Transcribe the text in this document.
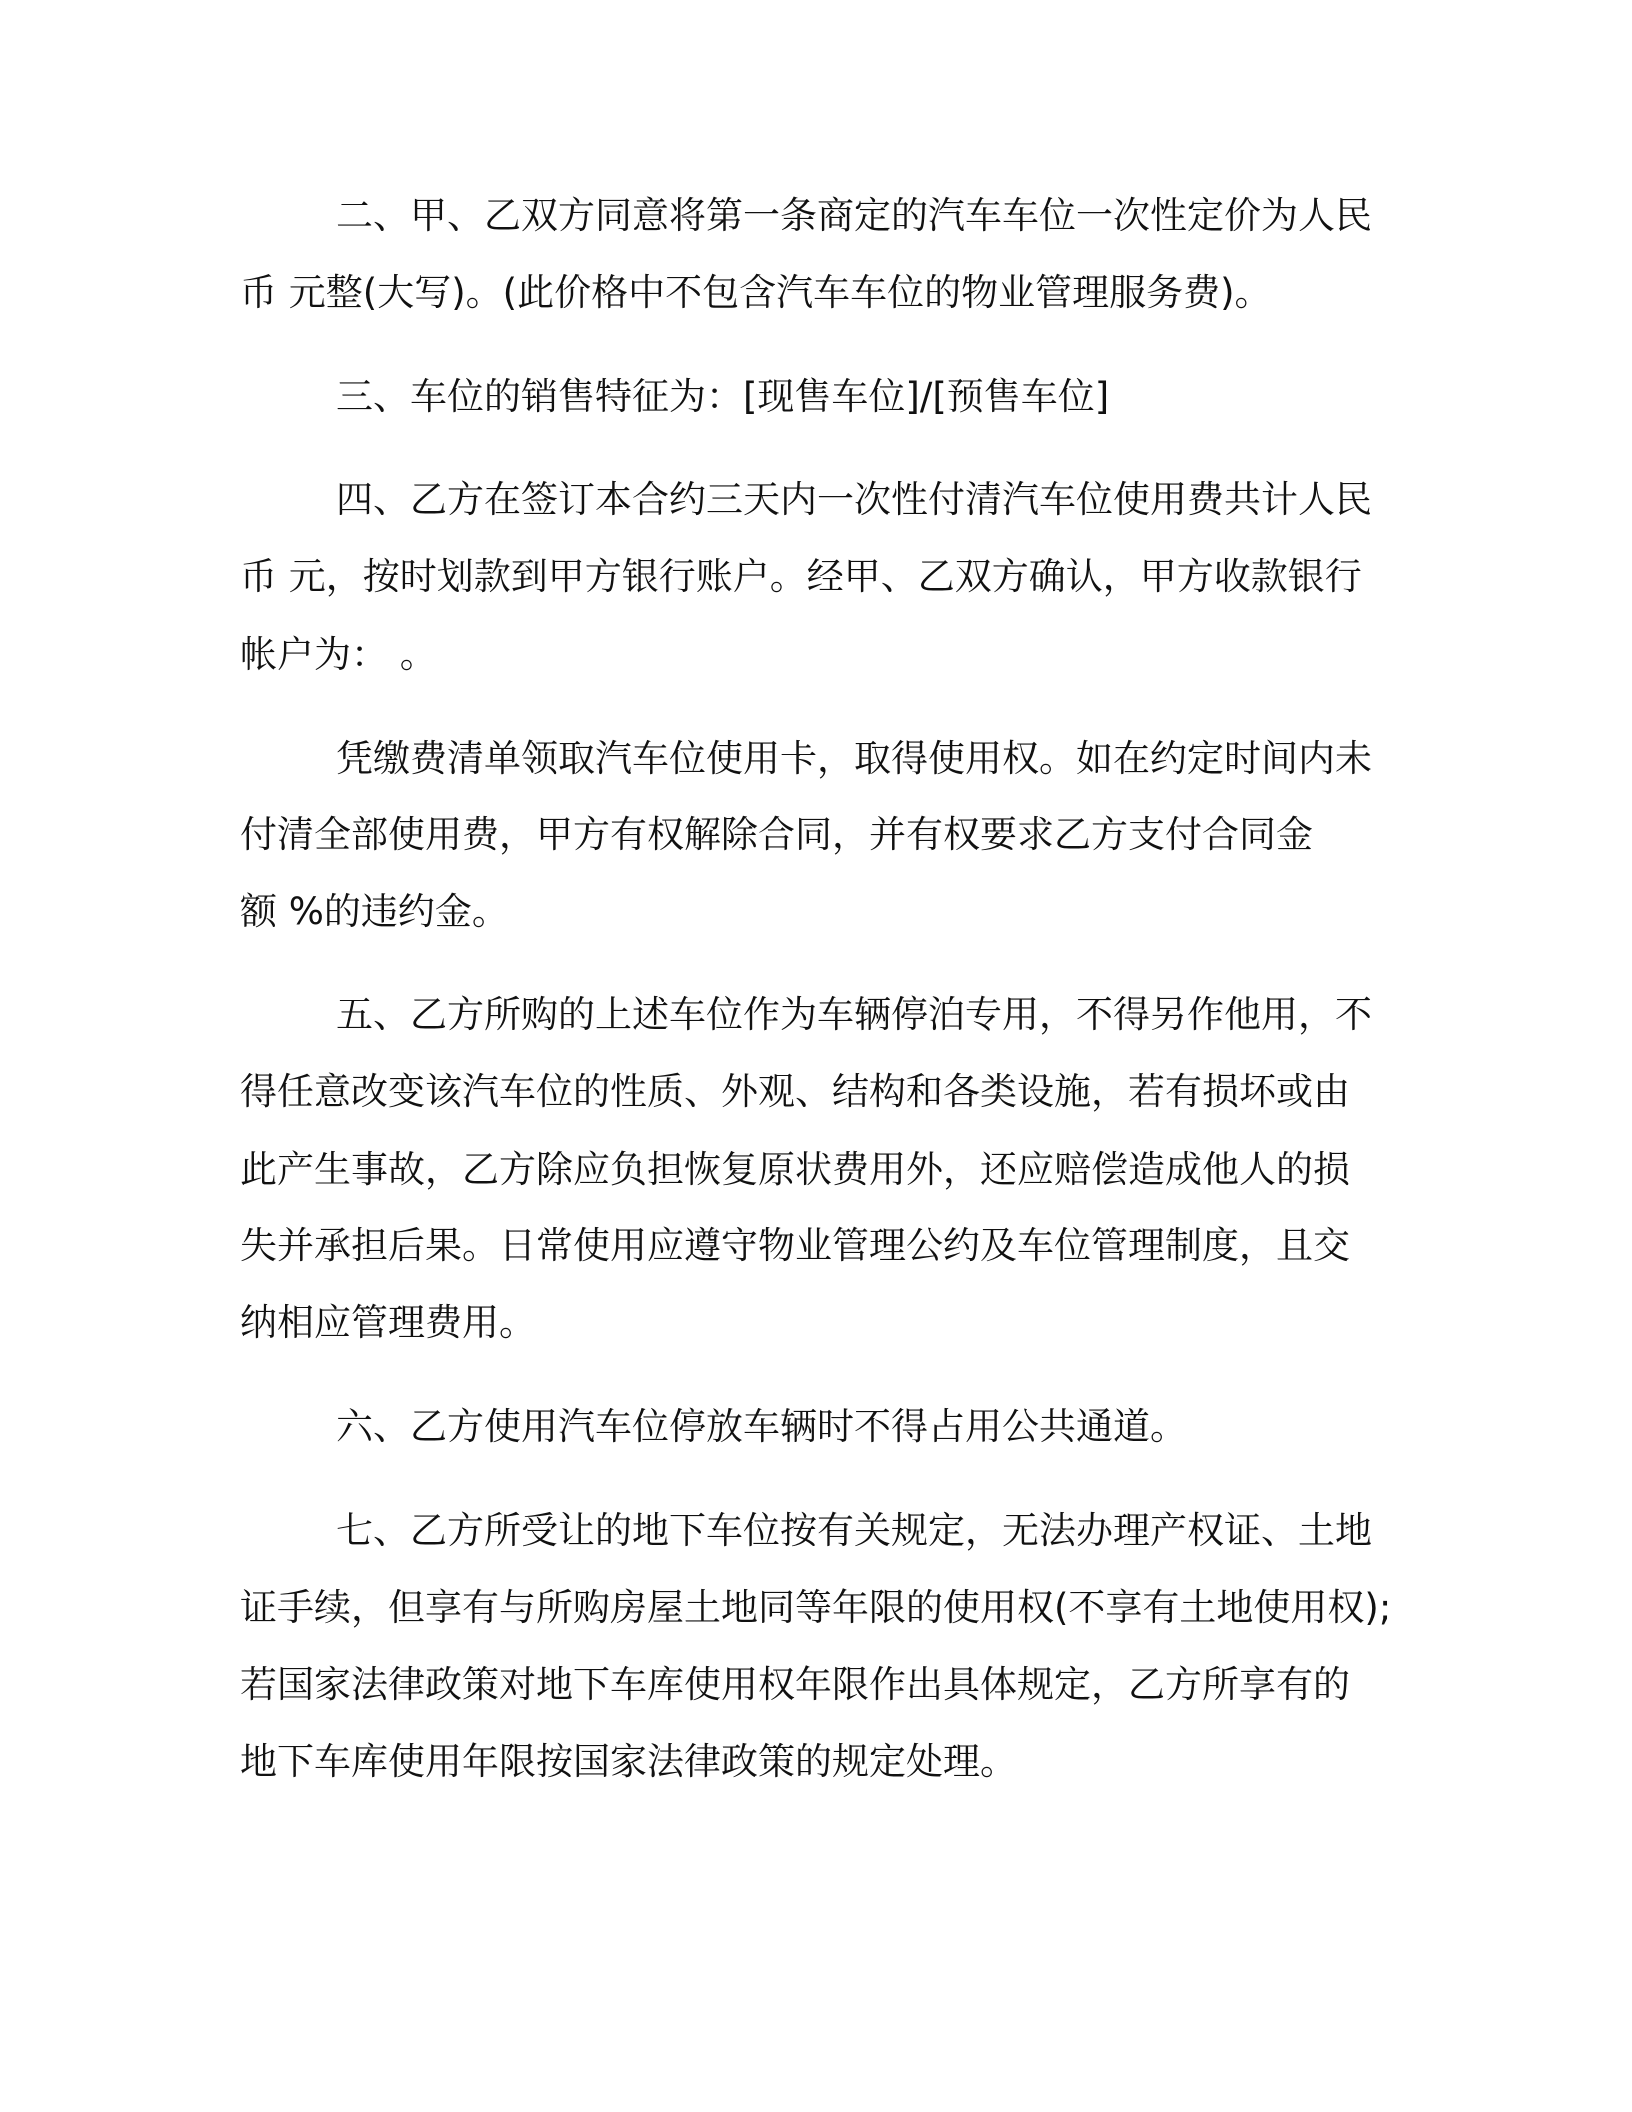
二、甲、乙双方同意将第一条商定的汽车车位一次性定价为人民
币 元整(大写)。(此价格中不包含汽车车位的物业管理服务费)。
三、车位的销售特征为：[现售车位]/[预售车位]
四、乙方在签订本合约三天内一次性付清汽车位使用费共计人民
币 元，按时划款到甲方银行账户。经甲、乙双方确认，甲方收款银行
帐户为： 。
凭缴费清单领取汽车位使用卡，取得使用权。如在约定时间内未
付清全部使用费，甲方有权解除合同，并有权要求乙方支付合同金
额 %的违约金。
五、乙方所购的上述车位作为车辆停泊专用，不得另作他用，不
得任意改变该汽车位的性质、外观、结构和各类设施，若有损坏或由
此产生事故，乙方除应负担恢复原状费用外，还应赔偿造成他人的损
失并承担后果。日常使用应遵守物业管理公约及车位管理制度，且交
纳相应管理费用。
六、乙方使用汽车位停放车辆时不得占用公共通道。
七、乙方所受让的地下车位按有关规定，无法办理产权证、土地
证手续，但享有与所购房屋土地同等年限的使用权(不享有土地使用权);
若国家法律政策对地下车库使用权年限作出具体规定，乙方所享有的
地下车库使用年限按国家法律政策的规定处理。
